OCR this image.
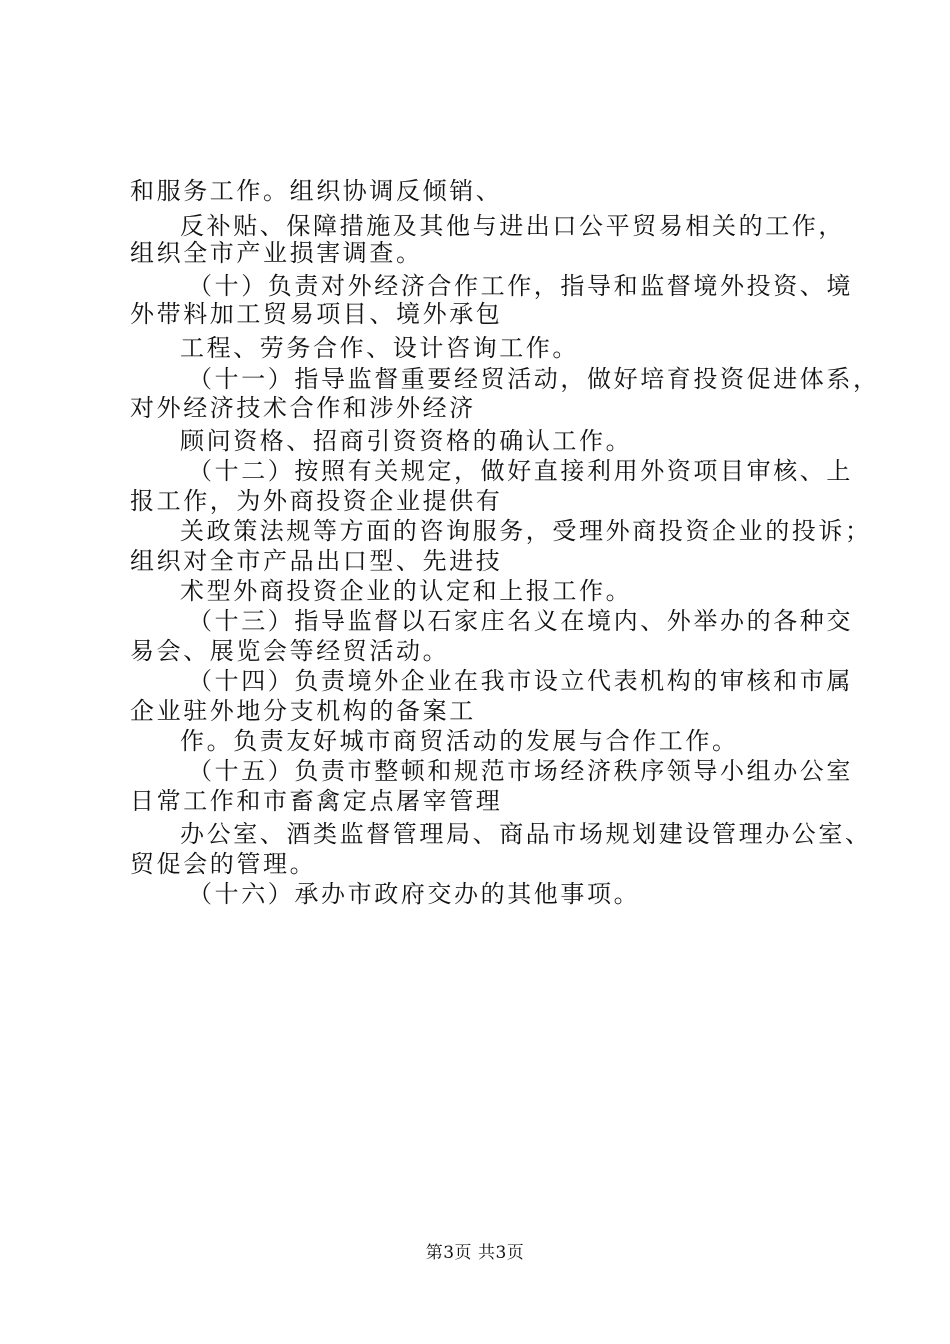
和服务工作。组织协调反倾销、
反补贴、保障措施及其他与进出口公平贸易相关的工作，
组织全市产业损害调查。
（十）负责对外经济合作工作，指导和监督境外投资、境
外带料加工贸易项目、境外承包
工程、劳务合作、设计咨询工作。
（十一）指导监督重要经贸活动，做好培育投资促进体系，
对外经济技术合作和涉外经济
顾问资格、招商引资资格的确认工作。
（十二）按照有关规定，做好直接利用外资项目审核、上
报工作，为外商投资企业提供有
关政策法规等方面的咨询服务，受理外商投资企业的投诉；
组织对全市产品出口型、先进技
术型外商投资企业的认定和上报工作。
（十三）指导监督以石家庄名义在境内、外举办的各种交
易会、展览会等经贸活动。
（十四）负责境外企业在我市设立代表机构的审核和市属
企业驻外地分支机构的备案工
作。负责友好城市商贸活动的发展与合作工作。
（十五）负责市整顿和规范市场经济秩序领导小组办公室
日常工作和市畜禽定点屠宰管理
办公室、酒类监督管理局、商品市场规划建设管理办公室、
贸促会的管理。
（十六）承办市政府交办的其他事项。
第3页 共3页
